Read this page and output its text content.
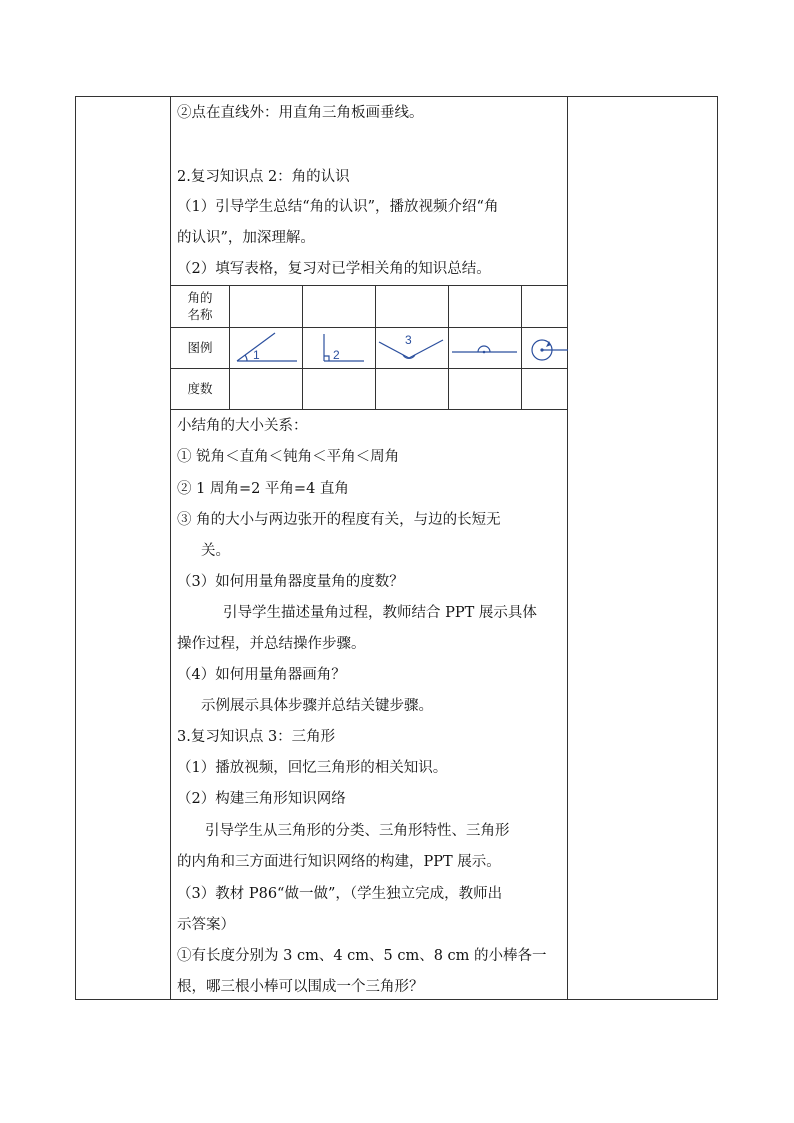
②点在直线外：用直角三角板画垂线。
2.复习知识点 2：角的认识
（1）引导学生总结“角的认识”，播放视频介绍“角
的认识”，加深理解。
（2）填写表格，复习对已学相关角的知识总结。
角的
名称
图例
度数
1	2
3
小结角的大小关系：
① 锐角＜直角＜钝角＜平角＜周角
② 1 周角=2 平角=4 直角
③ 角的大小与两边张开的程度有关，与边的长短无
关。
（3）如何用量角器度量角的度数？
引导学生描述量角过程，教师结合 PPT 展示具体
操作过程，并总结操作步骤。
（4）如何用量角器画角？
示例展示具体步骤并总结关键步骤。
3.复习知识点 3：三角形
（1）播放视频，回忆三角形的相关知识。
（2）构建三角形知识网络
引导学生从三角形的分类、三角形特性、三角形
的内角和三方面进行知识网络的构建，PPT 展示。
（3）教材 P86“做一做”，（学生独立完成，教师出
示答案）
①有长度分别为 3 cm、4 cm、5 cm、8 cm 的小棒各一
根，哪三根小棒可以围成一个三角形？
